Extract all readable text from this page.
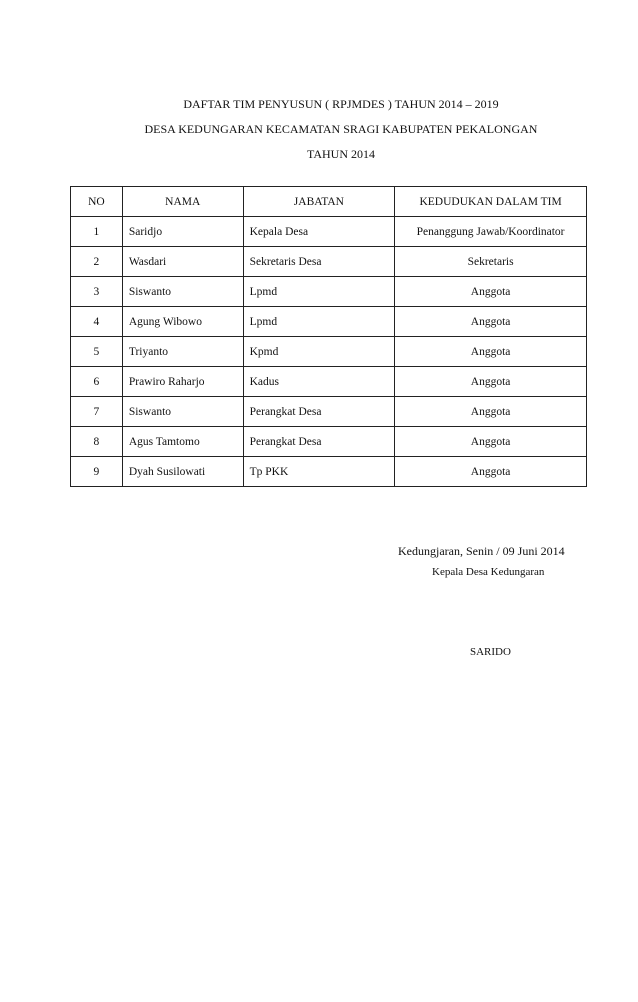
DAFTAR TIM PENYUSUN ( RPJMDES ) TAHUN 2014 – 2019
DESA KEDUNGARAN KECAMATAN SRAGI KABUPATEN PEKALONGAN
TAHUN 2014
NO	NAMA	JABATAN	KEDUDUKAN DALAM TIM
1	Saridjo	Kepala Desa	Penanggung Jawab/Koordinator
2	Wasdari	Sekretaris Desa	Sekretaris
3	Siswanto	Lpmd	Anggota
4	Agung Wibowo	Lpmd	Anggota
5	Triyanto	Kpmd	Anggota
6	Prawiro Raharjo	Kadus	Anggota
7	Siswanto	Perangkat Desa	Anggota
8	Agus Tamtomo	Perangkat Desa	Anggota
9	Dyah Susilowati	Tp PKK	Anggota
Kedungjaran, Senin / 09 Juni 2014
Kepala Desa Kedungaran
SARIDO
